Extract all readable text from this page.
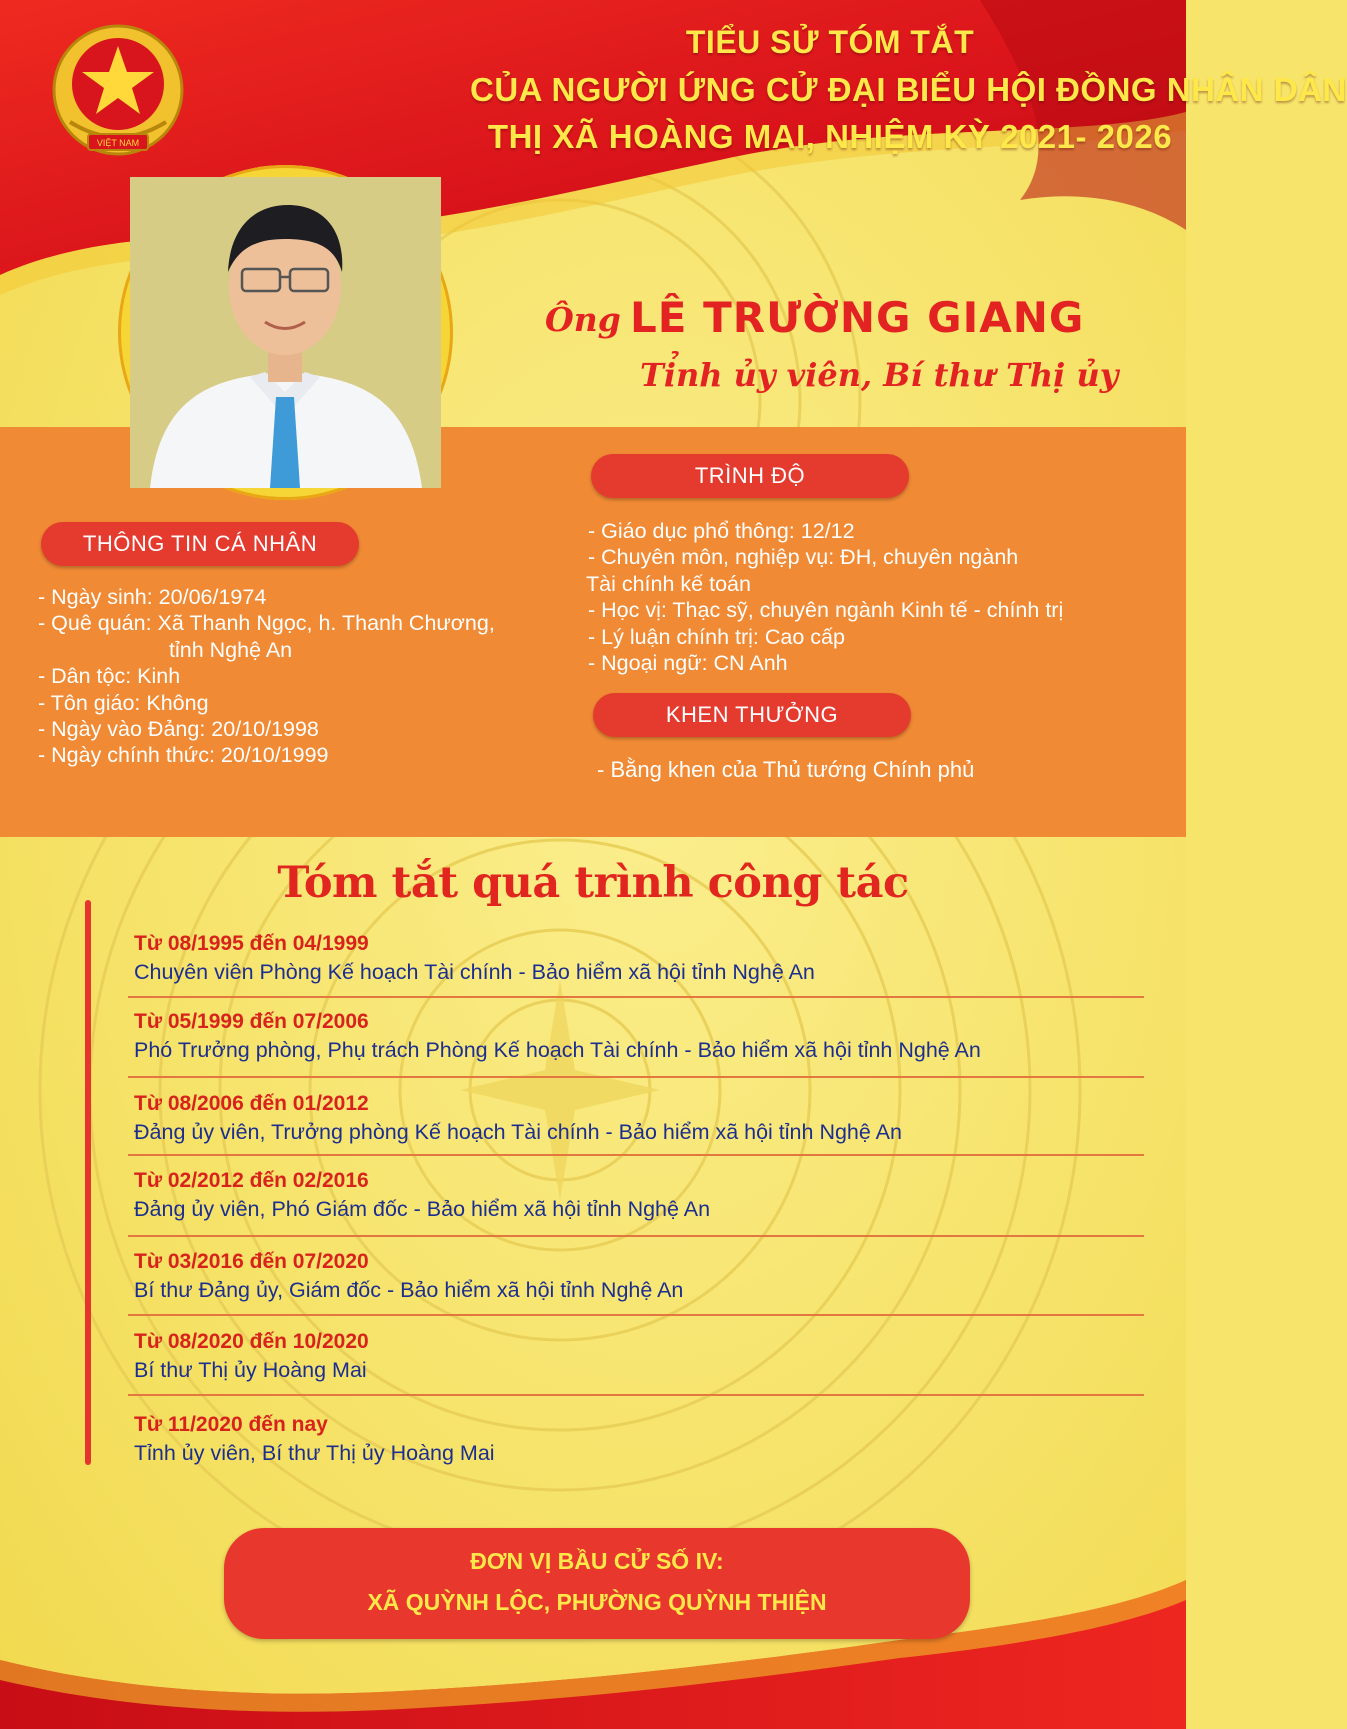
VIỆT NAM
TIỂU SỬ TÓM TẮT
CỦA NGƯỜI ỨNG CỬ ĐẠI BIỂU HỘI ĐỒNG NHÂN DÂN
THỊ XÃ HOÀNG MAI, NHIỆM KỲ 2021- 2026
Ông LÊ TRƯỜNG GIANG
Tỉnh ủy viên, Bí thư Thị ủy
THÔNG TIN CÁ NHÂN
- Ngày sinh: 20/06/1974
- Quê quán: Xã Thanh Ngọc, h. Thanh Chương,
tỉnh Nghệ An
- Dân tộc: Kinh
- Tôn giáo: Không
- Ngày vào Đảng: 20/10/1998
- Ngày chính thức: 20/10/1999
TRÌNH ĐỘ
- Giáo dục phổ thông: 12/12
- Chuyên môn, nghiệp vụ: ĐH, chuyên ngành
Tài chính kế toán
- Học vị: Thạc sỹ, chuyên ngành Kinh tế - chính trị
- Lý luận chính trị: Cao cấp
- Ngoại ngữ: CN Anh
KHEN THƯỞNG
- Bằng khen của Thủ tướng Chính phủ
Tóm tắt quá trình công tác
Từ 08/1995 đến 04/1999
Chuyên viên Phòng Kế hoạch Tài chính - Bảo hiểm xã hội tỉnh Nghệ An
Từ 05/1999 đến 07/2006
Phó Trưởng phòng, Phụ trách Phòng Kế hoạch Tài chính - Bảo hiểm xã hội tỉnh Nghệ An
Từ 08/2006 đến 01/2012
Đảng ủy viên, Trưởng phòng Kế hoạch Tài chính - Bảo hiểm xã hội tỉnh Nghệ An
Từ 02/2012 đến 02/2016
Đảng ủy viên, Phó Giám đốc - Bảo hiểm xã hội tỉnh Nghệ An
Từ 03/2016 đến 07/2020
Bí thư Đảng ủy, Giám đốc - Bảo hiểm xã hội tỉnh Nghệ An
Từ 08/2020 đến 10/2020
Bí thư Thị ủy Hoàng Mai
Từ 11/2020 đến nay
Tỉnh ủy viên, Bí thư Thị ủy Hoàng Mai
ĐƠN VỊ BẦU CỬ SỐ IV:
XÃ QUỲNH LỘC, PHƯỜNG QUỲNH THIỆN
